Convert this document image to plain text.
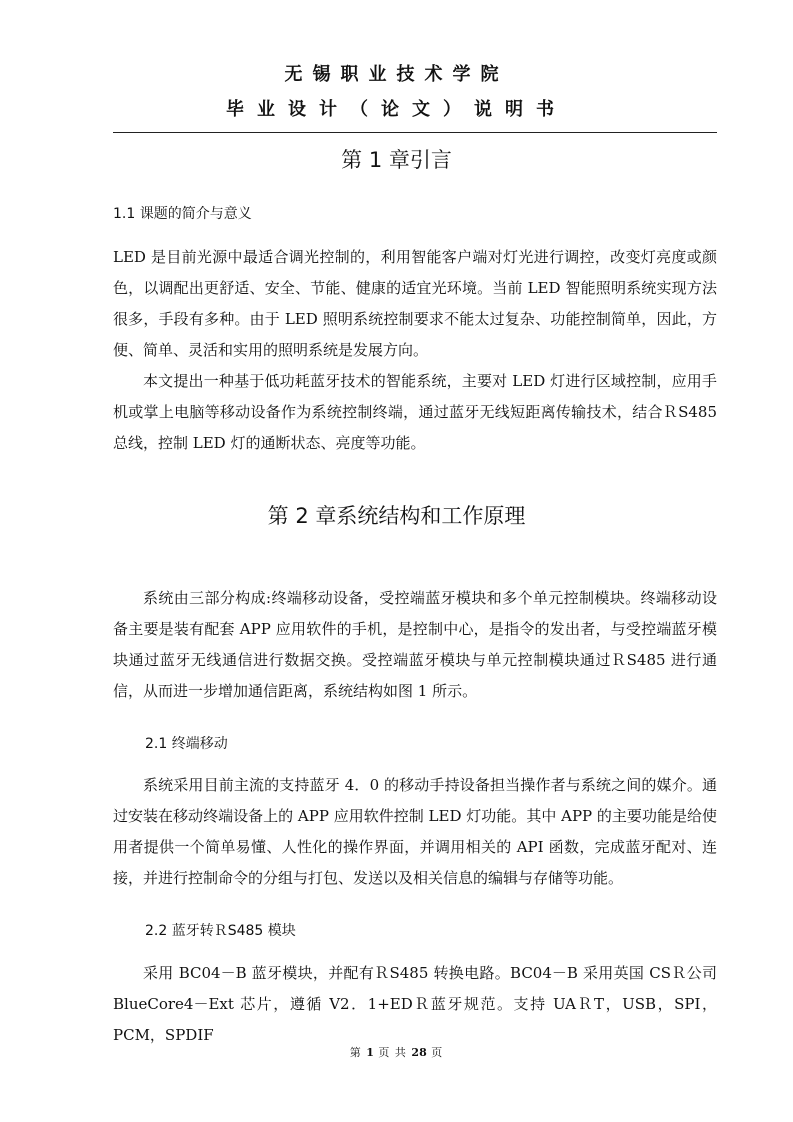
无锡职业技术学院
毕业设计（论文）说明书
第 1 章引言
1.1 课题的简介与意义

LED 是目前光源中最适合调光控制的，利用智能客户端对灯光进行调控，改变灯亮度或颜色，以调配出更舒适、安全、节能、健康的适宜光环境。当前 LED 智能照明系统实现方法很多，手段有多种。由于 LED 照明系统控制要求不能太过复杂、功能控制简单，因此，方便、简单、灵活和实用的照明系统是发展方向。

本文提出一种基于低功耗蓝牙技术的智能系统，主要对 LED 灯进行区域控制，应用手机或掌上电脑等移动设备作为系统控制终端，通过蓝牙无线短距离传输技术，结合ＲS485 总线，控制 LED 灯的通断状态、亮度等功能。

第 2 章系统结构和工作原理

系统由三部分构成:终端移动设备，受控端蓝牙模块和多个单元控制模块。终端移动设备主要是装有配套 APP 应用软件的手机，是控制中心，是指令的发出者，与受控端蓝牙模块通过蓝牙无线通信进行数据交换。受控端蓝牙模块与单元控制模块通过ＲS485 进行通信，从而进一步增加通信距离，系统结构如图 1 所示。

2.1 终端移动

系统采用目前主流的支持蓝牙 4．0 的移动手持设备担当操作者与系统之间的媒介。通过安装在移动终端设备上的 APP 应用软件控制 LED 灯功能。其中 APP 的主要功能是给使用者提供一个简单易懂、人性化的操作界面，并调用相关的 API 函数，完成蓝牙配对、连接，并进行控制命令的分组与打包、发送以及相关信息的编辑与存储等功能。

2.2 蓝牙转ＲS485 模块

采用 BC04－B 蓝牙模块，并配有ＲS485 转换电路。BC04－B 采用英国 CSＲ公司 BlueCore4－Ext 芯片，遵循 V2．1+EDＲ蓝牙规范。支持 UAＲT，USB，SPI，PCM，SPDIF

第 1 页 共 28 页
